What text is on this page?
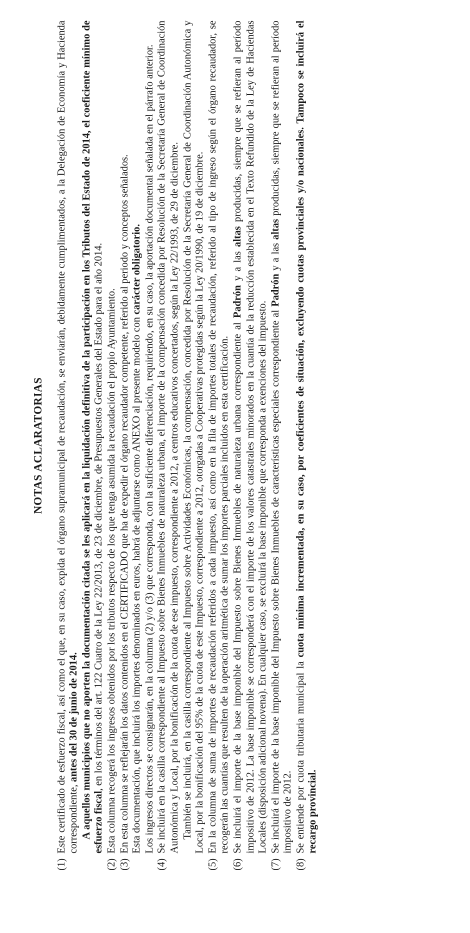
NOTAS ACLARATORIAS

(1)
Este certificado de esfuerzo fiscal, así como el que, en su caso, expida el órgano supramunicipal de recaudación, se enviarán, debidamente cumplimentados, a la Delegación de Economía y Hacienda correspondiente, antes del 30 de junio de 2014. A aquellos municipios que no aporten la documentación citada se les aplicará en la liquidación definitiva de la participación en los Tributos del Estado de 2014, el coeficiente mínimo de esfuerzo fiscal, en los términos del art. 122 Cuatro de la Ley 22/2013, de 23 de diciembre, de Presupuestos Generales del Estado para el año 2014.

(2)
Esta columna recogerá los ingresos obtenidos por los tributos respecto de los que tenga asumida la recaudación el propio Ayuntamiento.

(3)
En esta columna se reflejarán los datos contenidos en el CERTIFICADO que ha de expedir el órgano recaudador competente, referido al periodo y conceptos señalados. Esta documentación, que incluirá los importes denominados en euros, habrá de adjuntarse como ANEXO al presente modelo con carácter obligatorio. Los ingresos directos se consignarán, en la columna (2) y/o (3) que corresponda, con la suficiente diferenciación, requiriendo, en su caso, la aportación documental señalada en el párrafo anterior.

(4)
Se incluirá en la casilla correspondiente al Impuesto sobre Bienes Inmuebles de naturaleza urbana, el importe de la compensación concedida por Resolución de la Secretaría General de Coordinación Autonómica y Local, por la bonificación de la cuota de ese impuesto, correspondiente a 2012, a centros educativos concertados, según la Ley 22/1993, de 29 de diciembre. También se incluirá, en la casilla correspondiente al Impuesto sobre Actividades Económicas, la compensación, concedida por Resolución de la Secretaría General de Coordinación Autonómica y Local, por la bonificación del 95% de la cuota de este Impuesto, correspondiente a 2012, otorgadas a Cooperativas protegidas según la Ley 20/1990, de 19 de diciembre.

(5)
En la columna de suma de importes de recaudación referidos a cada impuesto, así como en la fila de importes totales de recaudación, referido al tipo de ingreso según el órgano recaudador, se recogerán las cuantías que resulten de la operación aritmética de sumar los importes parciales incluidos en esta certificación.

(6)
Se incluirá el importe de la base imponible del Impuesto sobre Bienes Inmuebles de naturaleza urbana correspondiente al Padrón y a las altas producidas, siempre que se refieran al período impositivo de 2012. La base imponible se corresponderá con el importe de los valores catastrales minorados en la cuantía de la reducción establecida en el Texto Refundido de la Ley de Haciendas Locales (disposición adicional novena). En cualquier caso, se excluirá la base imponible que corresponda a exenciones del impuesto.

(7)
Se incluirá el importe de la base imponible del Impuesto sobre Bienes Inmuebles de características especiales correspondiente al Padrón y a las altas producidas, siempre que se refieran al período impositivo de 2012.

(8)
Se entiende por cuota tributaria municipal la cuota mínima incrementada, en su caso, por coeficientes de situación, excluyendo cuotas provinciales y/o nacionales. Tampoco se incluirá el recargo provincial.
